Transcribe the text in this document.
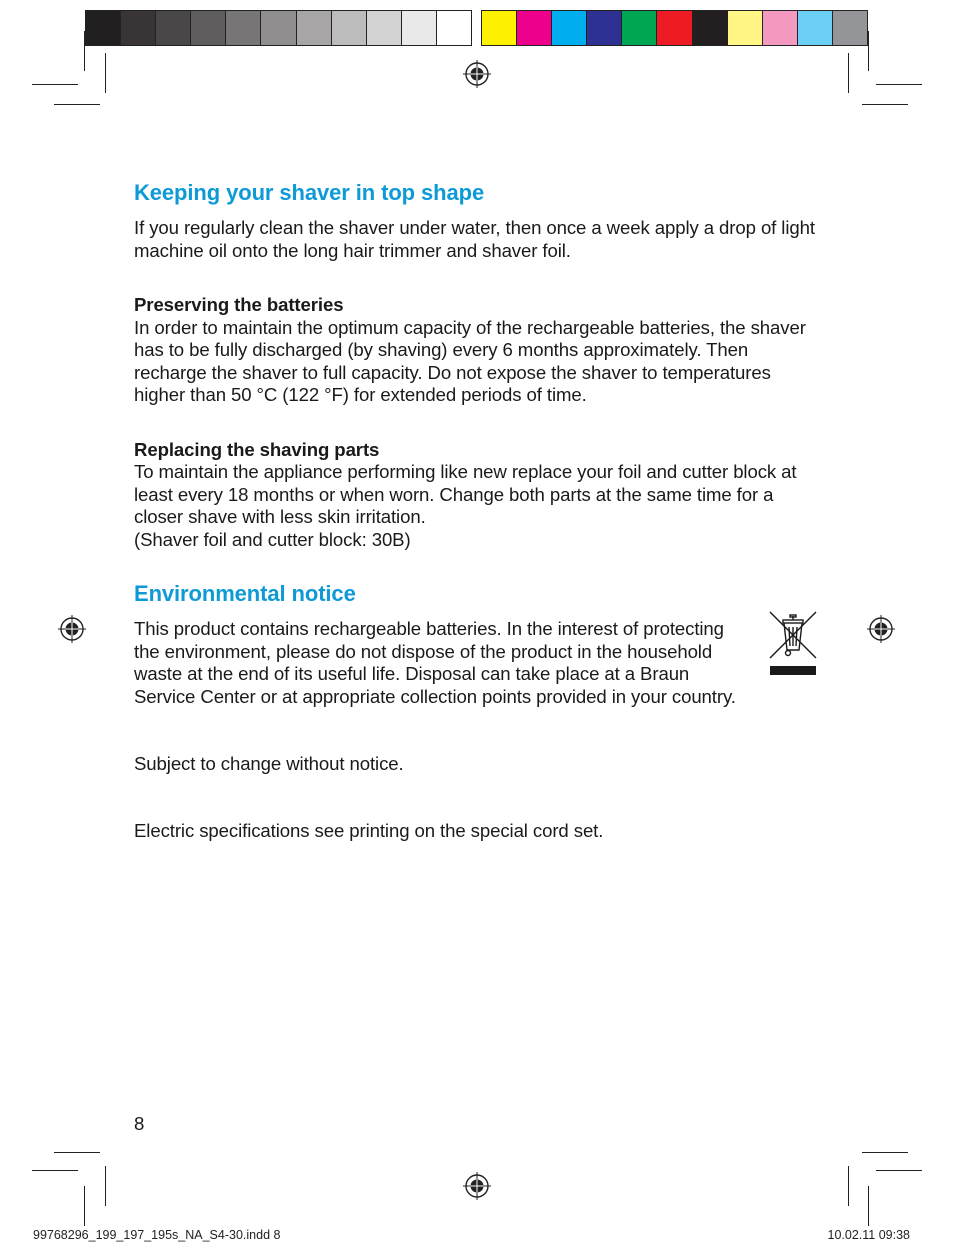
Keeping your shaver in top shape

If you regularly clean the shaver under water, then once a week apply a drop of light machine oil onto the long hair trimmer and shaver foil.

Preserving the batteries

In order to maintain the optimum capacity of the rechargeable batteries, the shaver has to be fully discharged (by shaving) every 6 months approximately. Then recharge the shaver to full capacity. Do not expose the shaver to temperatures higher than 50 °C (122 °F) for extended periods of time.

Replacing the shaving parts

To maintain the appliance performing like new replace your foil and cutter block at least every 18 months or when worn. Change both parts at the same time for a closer shave with less skin irritation.

(Shaver foil and cutter block: 30B)

Environmental notice

This product contains rechargeable batteries. In the interest of protecting the environment, please do not dispose of the product in the household waste at the end of its useful life. Disposal can take place at a Braun Service Center or at appropriate collection points provided in your country.

Subject to change without notice.

Electric specifications see printing on the special cord set.

8

99768296_199_197_195s_NA_S4-30.indd 8	10.02.11 09:38
